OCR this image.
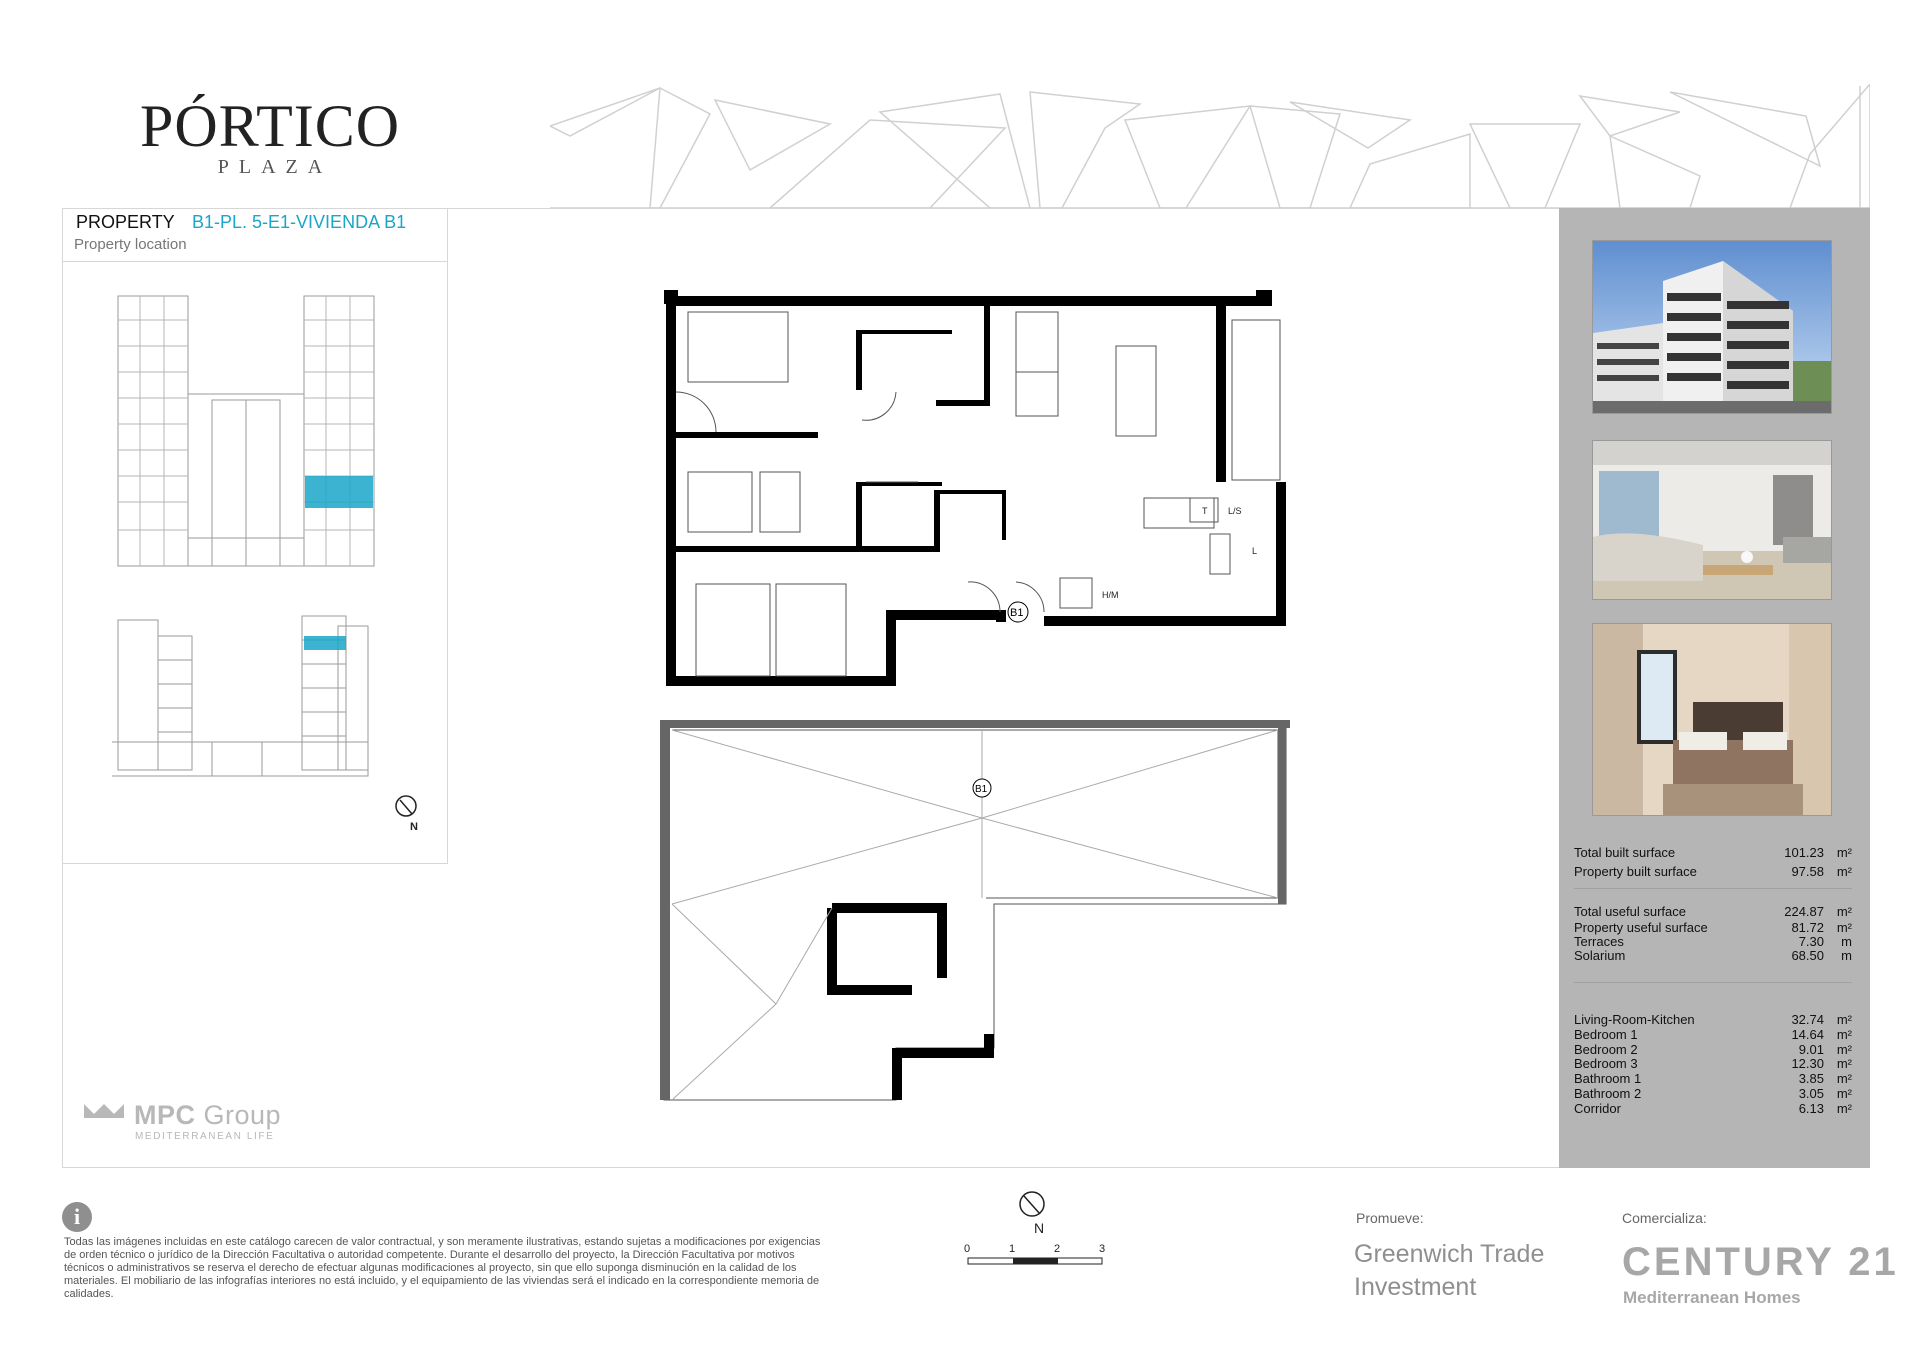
PÓRTICO
PLAZA
PROPERTY B1-PL. 5-E1-VIVIENDA B1
Property location
N
L/S
T
L
H/M
B1
B1
MPC Group
MEDITERRANEAN LIFE
Total built surface	101.23 m²
Property built surface	97.58 m²
Total useful surface	224.87 m²
Property useful surface	81.72 m²
Terraces	7.30	m
Solarium	68.50	m
Living-Room-Kitchen	32.74 m²
Bedroom 1	14.64 m²
Bedroom 2	9.01 m²
Bedroom 3	12.30 m²
Bathroom 1	3.85 m²
Bathroom 2	3.05 m²
Corridor	6.13 m²
i
Todas las imágenes incluidas en este catálogo carecen de valor contractual, y son meramente ilustrativas, estando sujetas a modificaciones por exigencias de orden técnico o jurídico de la Dirección Facultativa o autoridad competente. Durante el desarrollo del proyecto, la Dirección Facultativa por motivos técnicos o administrativos se reserva el derecho de efectuar algunas modificaciones al proyecto, sin que ello suponga disminución en la calidad de los materiales. El mobiliario de las infografías interiores no está incluido, y el equipamiento de las viviendas será el indicado en la correspondiente memoria de calidades.
N
0	1	2	3
Promueve:
Greenwich Trade
Investment
Comercializa:
CENTURY 21
Mediterranean Homes
